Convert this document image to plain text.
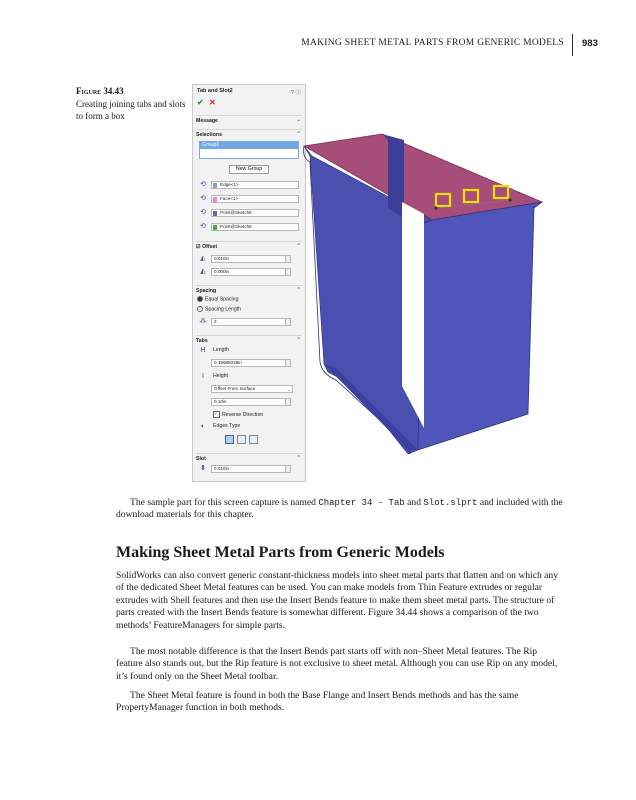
MAKING SHEET METAL PARTS FROM GENERIC MODELS 983
Figure 34.43
Creating joining tabs and slots to form a box
Tab and Slot2	? ⓘ
✔ ✕
Message	⌄
Selections	⌃
Group1
New Group
⟲	Edge<1>
⟲	Face<1>
⟲	Point@Sketch6
⟲	Point@Sketch6
☑ Offset	⌃
◭	0.010in
◭	0.000in
Spacing	⌃
Equal Spacing
Spacing Length
⁂	3
Tabs	⌃
H Length
0.19685039in
I	Height
Offset From Surface	⌄
0.10in
✓ Reverse Direction
◐	Edges Type
Slot	⌃
⬍	0.010in
The sample part for this screen capture is named Chapter 34 - Tab and Slot.slprt and included with the download materials for this chapter.
Making Sheet Metal Parts from Generic Models
SolidWorks can also convert generic constant-thickness models into sheet metal parts that flatten and on which any of the dedicated Sheet Metal features can be used. You can make models from Thin Feature extrudes or regular extrudes with Shell features and then use the Insert Bends feature to make them sheet metal parts. The structure of parts created with the Insert Bends feature is somewhat different. Figure 34.44 shows a comparison of the two methods’ FeatureManagers for simple parts.
The most notable difference is that the Insert Bends part starts off with non–Sheet Metal features. The Rip feature also stands out, but the Rip feature is not exclusive to sheet metal. Although you can use Rip on any model, it’s found only on the Sheet Metal toolbar.
The Sheet Metal feature is found in both the Base Flange and Insert Bends methods and has the same PropertyManager function in both methods.
